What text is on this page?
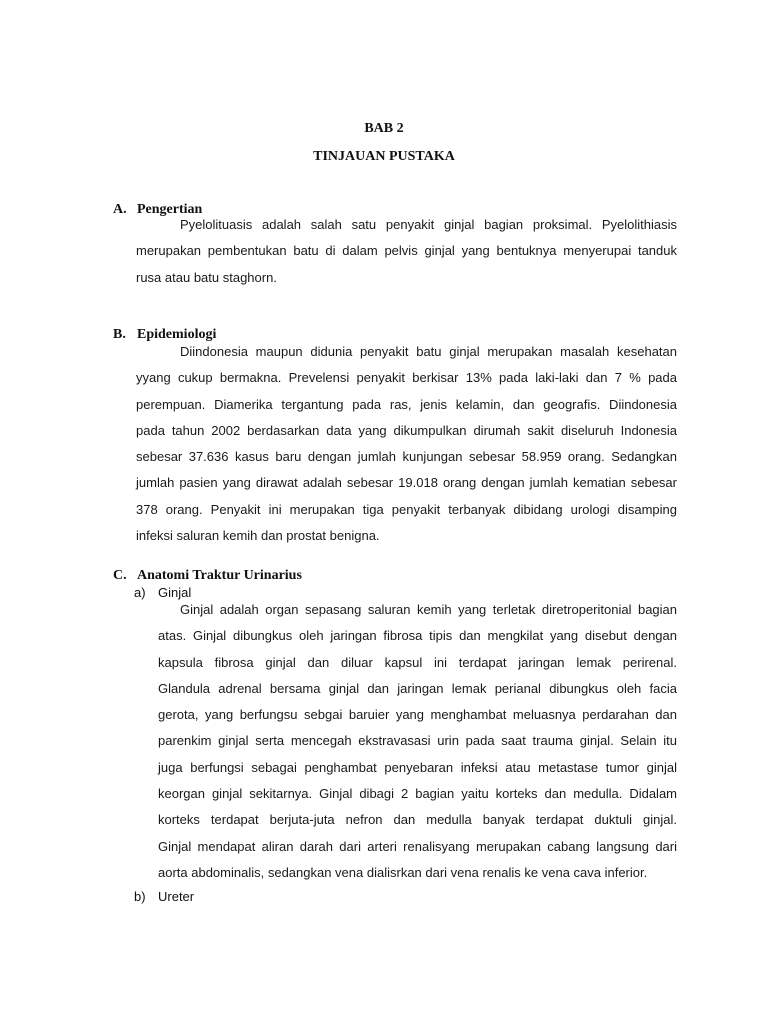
BAB 2
TINJAUAN PUSTAKA
A. Pengertian
Pyelolituasis adalah salah satu penyakit ginjal bagian proksimal. Pyelolithiasis
merupakan pembentukan batu di dalam pelvis ginjal yang bentuknya menyerupai tanduk
rusa atau batu staghorn.
B. Epidemiologi
Diindonesia maupun didunia penyakit batu ginjal merupakan masalah kesehatan
yyang cukup bermakna. Prevelensi penyakit berkisar 13% pada laki-laki dan 7 % pada
perempuan. Diamerika tergantung pada ras, jenis kelamin, dan geografis. Diindonesia
pada tahun 2002 berdasarkan data yang dikumpulkan dirumah sakit diseluruh Indonesia
sebesar 37.636 kasus baru dengan jumlah kunjungan sebesar 58.959 orang. Sedangkan
jumlah pasien yang dirawat adalah sebesar 19.018 orang dengan jumlah kematian sebesar
378 orang. Penyakit ini merupakan tiga penyakit terbanyak dibidang urologi disamping
infeksi saluran kemih dan prostat benigna.
C. Anatomi Traktur Urinarius
a) Ginjal
Ginjal adalah organ sepasang saluran kemih yang terletak diretroperitonial bagian
atas. Ginjal dibungkus oleh jaringan fibrosa tipis dan mengkilat yang disebut dengan
kapsula fibrosa ginjal dan diluar kapsul ini terdapat jaringan lemak perirenal.
Glandula adrenal bersama ginjal dan jaringan lemak perianal dibungkus oleh facia
gerota, yang berfungsu sebgai baruier yang menghambat meluasnya perdarahan dan
parenkim ginjal serta mencegah ekstravasasi urin pada saat trauma ginjal. Selain itu
juga berfungsi sebagai penghambat penyebaran infeksi atau metastase tumor ginjal
keorgan ginjal sekitarnya. Ginjal dibagi 2 bagian yaitu korteks dan medulla. Didalam
korteks terdapat berjuta-juta nefron dan medulla banyak terdapat duktuli ginjal.
Ginjal mendapat aliran darah dari arteri renalisyang merupakan cabang langsung dari
aorta abdominalis, sedangkan vena dialisrkan dari vena renalis ke vena cava inferior.
b) Ureter
